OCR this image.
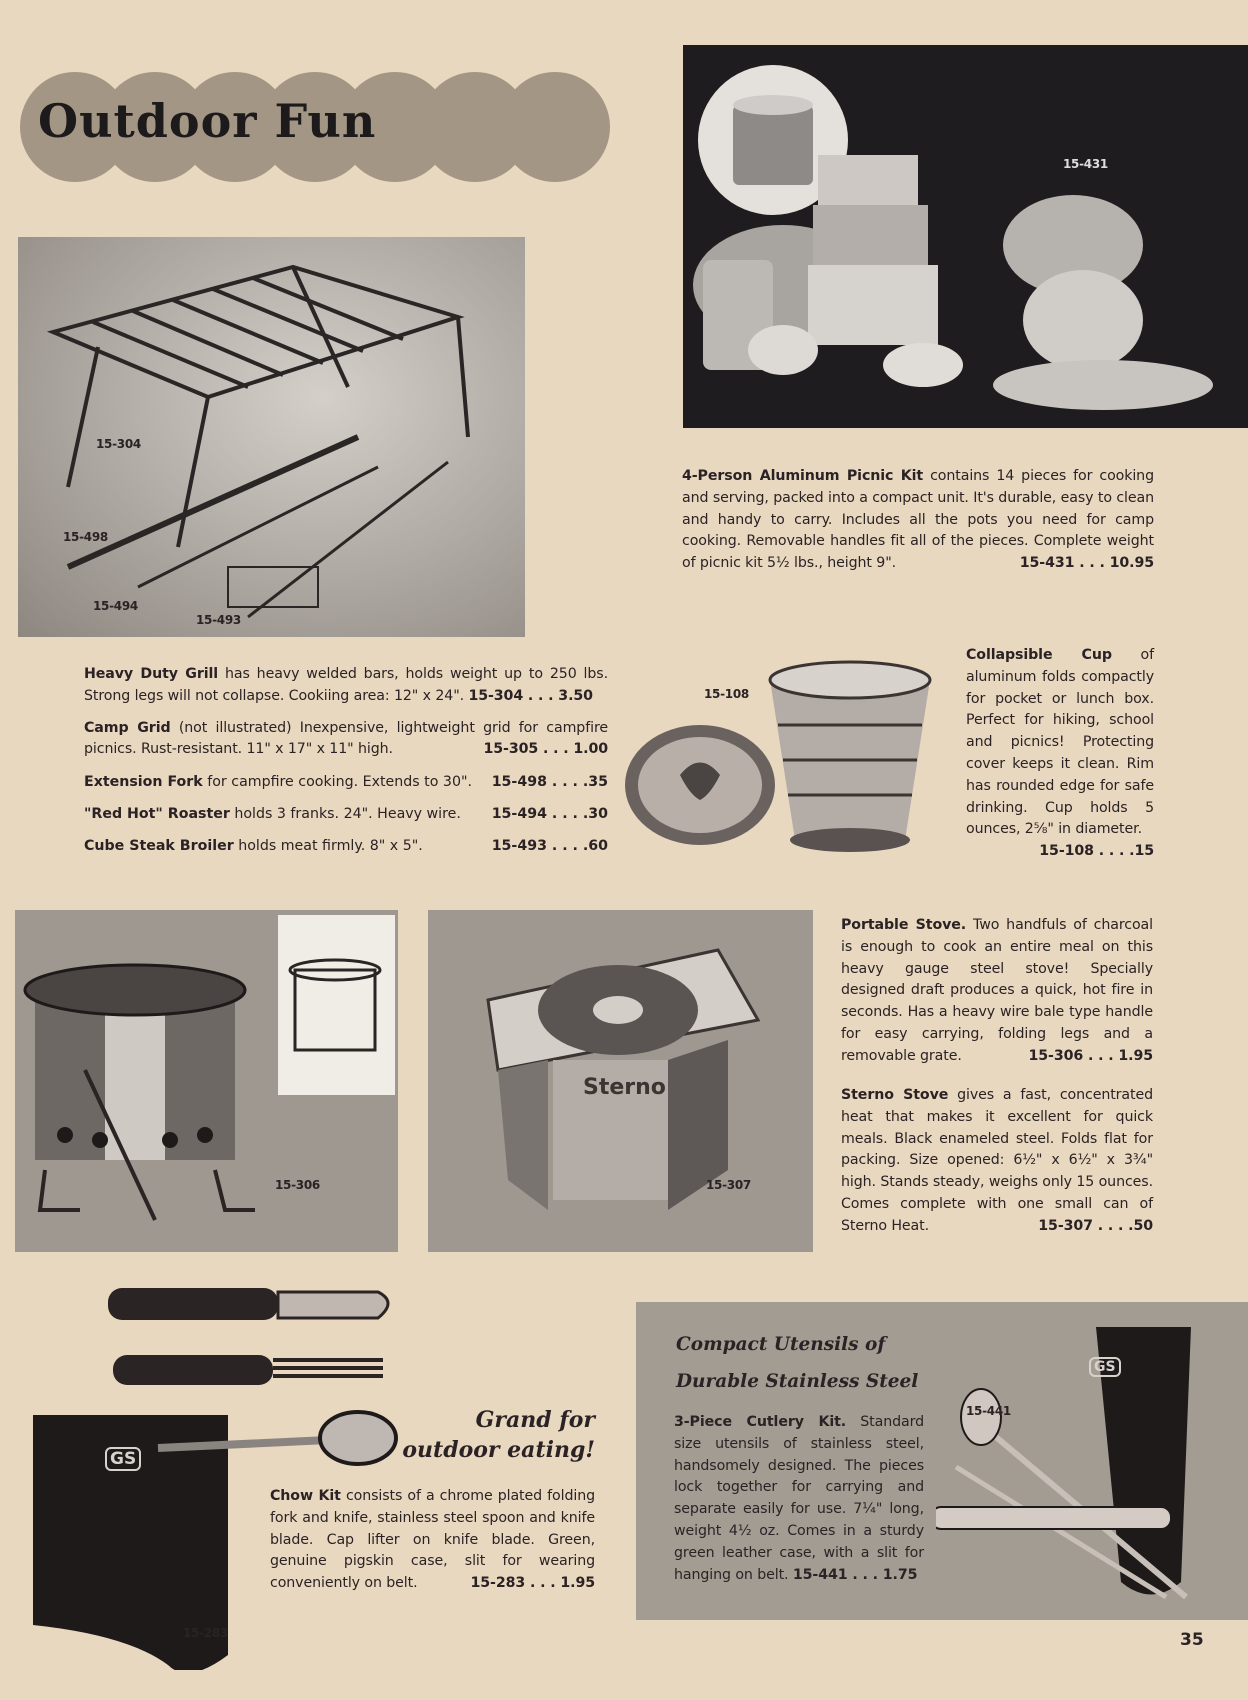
Outdoor Fun
15-431
15-304
15-498
15-494
15-493
4-Person Aluminum Picnic Kit contains 14 pieces for cooking and serving, packed into a compact unit. It's durable, easy to clean and handy to carry. Includes all the pots you need for camp cooking. Removable handles fit all of the pieces. Complete weight of picnic kit 5½ lbs., height 9".	15-431 . . . 10.95
Heavy Duty Grill has heavy welded bars, holds weight up to 250 lbs. Strong legs will not collapse. Cookiing area: 12" x 24". 15-304 . . . 3.50
Camp Grid (not illustrated) Inexpensive, lightweight grid for campfire picnics. Rust-resistant. 11" x 17" x 11" high.	15-305 . . . 1.00
Extension Fork for campfire cooking. Extends to 30". 15-498 . . . .35
"Red Hot" Roaster holds 3 franks. 24". Heavy wire. 15-494 . . . .30
Cube Steak Broiler holds meat firmly. 8" x 5".	15-493 . . . .60
15-108
Collapsible Cup of aluminum folds compactly for pocket or lunch box. Perfect for hiking, school and picnics! Protecting cover keeps it clean. Rim has rounded edge for safe drinking. Cup holds 5 ounces, 2⅝" in diameter.
15-108 . . . .15
15-306
Sterno
15-307
Portable Stove. Two handfuls of charcoal is enough to cook an entire meal on this heavy gauge steel stove! Specially designed draft produces a quick, hot fire in seconds. Has a heavy wire bale type handle for easy carrying, folding legs and a removable grate.	15-306 . . . 1.95
Sterno Stove gives a fast, concentrated heat that makes it excellent for quick meals. Black enameled steel. Folds flat for packing. Size opened: 6½" x 6½" x 3¾" high. Stands steady, weighs only 15 ounces. Comes complete with one small can of Sterno Heat.	15-307 . . . .50
GS
15-283
Grand for
outdoor eating!
Chow Kit consists of a chrome plated folding fork and knife, stainless steel spoon and knife blade. Cap lifter on knife blade. Green, genuine pigskin case, slit for wearing conveniently on belt.	15-283 . . . 1.95
Compact Utensils of
Durable Stainless Steel
3-Piece Cutlery Kit. Standard size utensils of stainless steel, handsomely designed. The pieces lock together for carrying and separate easily for use. 7¼" long, weight 4½ oz. Comes in a sturdy green leather case, with a slit for hanging on belt. 15-441 . . . 1.75
GS
15-441
35
